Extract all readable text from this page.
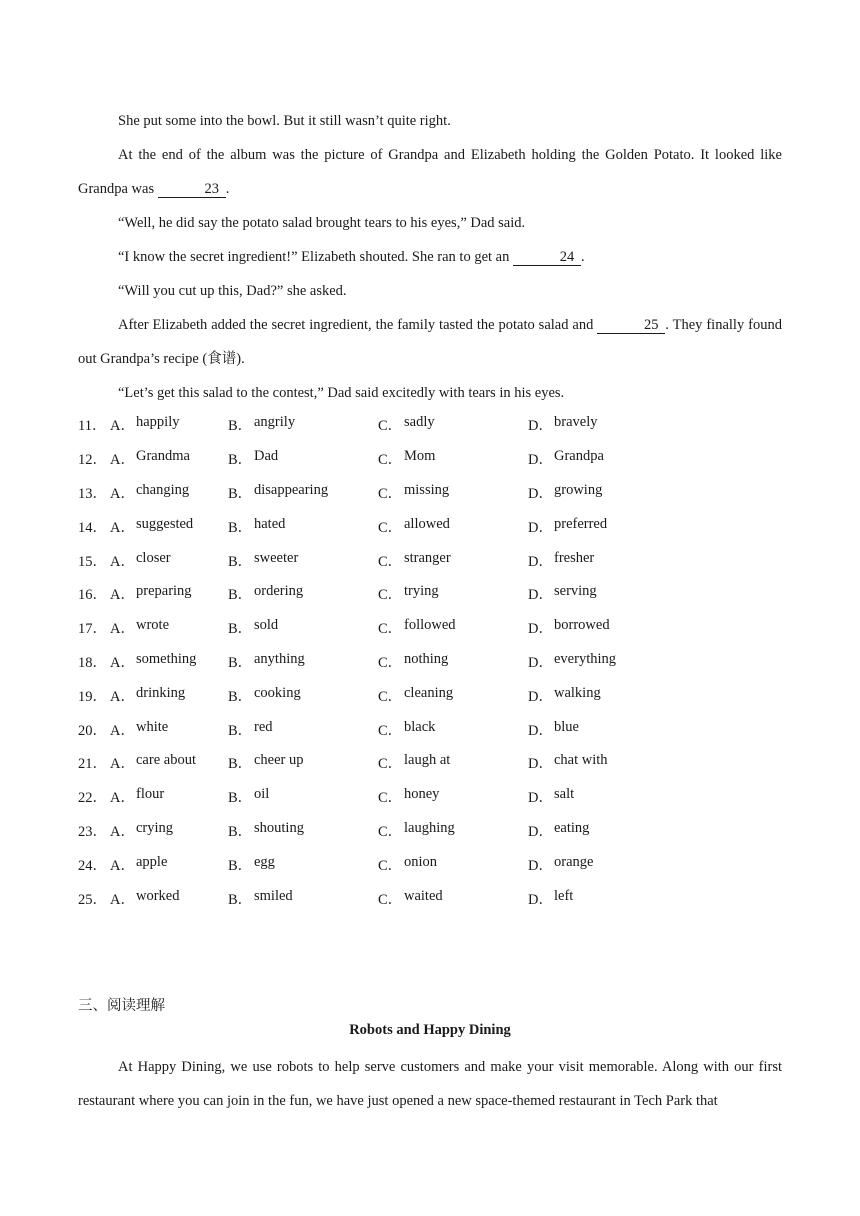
She put some into the bowl. But it still wasn’t quite right.

At the end of the album was the picture of Grandpa and Elizabeth holding the Golden Potato. It looked like Grandpa was	23 .

“Well, he did say the potato salad brought tears to his eyes,” Dad said.

“I know the secret ingredient!” Elizabeth shouted. She ran to get an	24 .

“Will you cut up this, Dad?” she asked.

After Elizabeth added the secret ingredient, the family tasted the potato salad and	25 . They finally found out Grandpa’s recipe (食谱).

“Let’s get this salad to the contest,” Dad said excitedly with tears in his eyes.

11． A． happily	B． angrily	C． sadly	D． bravely
12． A． Grandma	B． Dad	C． Mom	D． Grandpa
13． A． changing	B． disappearing	C． missing	D． growing
14． A． suggested B． hated	C． allowed	D． preferred
15． A． closer	B． sweeter	C． stranger	D． fresher
16． A． preparing	B． ordering	C． trying	D． serving
17． A． wrote	B． sold	C． followed	D． borrowed
18． A． something B． anything	C． nothing	D． everything
19． A． drinking	B． cooking	C． cleaning	D． walking
20． A． white	B． red	C． black	D． blue
21． A． care about B． cheer up	C． laugh at	D． chat with
22． A． flour	B． oil	C． honey	D． salt
23． A． crying	B． shouting	C． laughing	D． eating
24． A． apple	B． egg	C． onion	D． orange
25． A． worked	B． smiled	C． waited	D． left
三、阅读理解
Robots and Happy Dining

At Happy Dining, we use robots to help serve customers and make your visit memorable. Along with our first restaurant where you can join in the fun, we have just opened a new space-themed restaurant in Tech Park that
